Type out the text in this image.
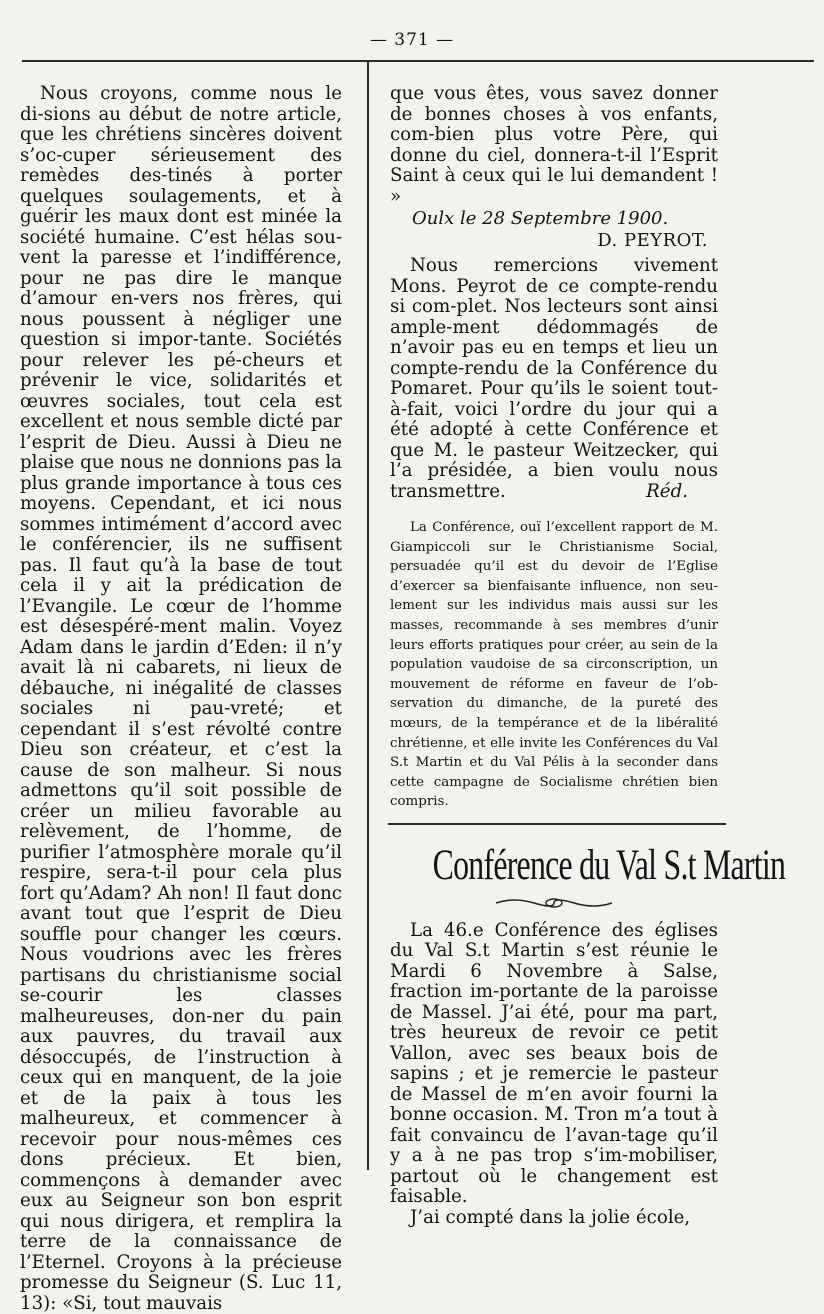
— 371 —

Nous croyons, comme nous le di-sions au début de notre article, que les chrétiens sincères doivent s’oc-cuper sérieusement des remèdes des-tinés à porter quelques soulagements, et à guérir les maux dont est minée la société humaine. C’est hélas sou-vent la paresse et l’indifférence, pour ne pas dire le manque d’amour en-vers nos frères, qui nous poussent à négliger une question si impor-tante. Sociétés pour relever les pé-cheurs et prévenir le vice, solidarités et œuvres sociales, tout cela est excellent et nous semble dicté par l’esprit de Dieu. Aussi à Dieu ne plaise que nous ne donnions pas la plus grande importance à tous ces moyens. Cependant, et ici nous sommes intimément d’accord avec le conférencier, ils ne suffisent pas. Il faut qu’à la base de tout cela il y ait la prédication de l’Evangile. Le cœur de l’homme est désespéré-ment malin. Voyez Adam dans le jardin d’Eden: il n’y avait là ni cabarets, ni lieux de débauche, ni inégalité de classes sociales ni pau-vreté; et cependant il s’est révolté contre Dieu son créateur, et c’est la cause de son malheur. Si nous admettons qu’il soit possible de créer un milieu favorable au relèvement, de l’homme, de purifier l’atmosphère morale qu’il respire, sera-t-il pour cela plus fort qu’Adam? Ah non! Il faut donc avant tout que l’esprit de Dieu souffle pour changer les cœurs. Nous voudrions avec les frères partisans du christianisme social se-courir les classes malheureuses, don-ner du pain aux pauvres, du travail aux désoccupés, de l’instruction à ceux qui en manquent, de la joie et de la paix à tous les malheureux, et commencer à recevoir pour nous-mêmes ces dons précieux. Et bien, commençons à demander avec eux au Seigneur son bon esprit qui nous dirigera, et remplira la terre de la connaissance de l’Eternel. Croyons à la précieuse promesse du Seigneur (S. Luc 11, 13): «Si, tout mauvais

que vous êtes, vous savez donner de bonnes choses à vos enfants, com-bien plus votre Père, qui donne du ciel, donnera-t-il l’Esprit Saint à ceux qui le lui demandent ! »

Oulx le 28 Septembre 1900.

D. PEYROT.

Nous remercions vivement Mons. Peyrot de ce compte-rendu si com-plet. Nos lecteurs sont ainsi ample-ment dédommagés de n’avoir pas eu en temps et lieu un compte-rendu de la Conférence du Pomaret. Pour qu’ils le soient tout-à-fait, voici l’ordre du jour qui a été adopté à cette Conférence et que M. le pasteur Weitzecker, qui l’a présidée, a bien voulu nous transmettre.	Réd.

La Conférence, ouï l’excellent rapport de M. Giampiccoli sur le Christianisme Social, persuadée qu’il est du devoir de l’Eglise d’exercer sa bienfaisante influence, non seu-lement sur les individus mais aussi sur les masses, recommande à ses membres d’unir leurs efforts pratiques pour créer, au sein de la population vaudoise de sa circonscription, un mouvement de réforme en faveur de l’ob-servation du dimanche, de la pureté des mœurs, de la tempérance et de la libéralité chrétienne, et elle invite les Conférences du Val S.t Martin et du Val Pélis à la seconder dans cette campagne de Socialisme chrétien bien compris.

Conférence du Val S.t Martin

La 46.e Conférence des églises du Val S.t Martin s’est réunie le Mardi 6 Novembre à Salse, fraction im-portante de la paroisse de Massel. J’ai été, pour ma part, très heureux de revoir ce petit Vallon, avec ses beaux bois de sapins ; et je remercie le pasteur de Massel de m’en avoir fourni la bonne occasion. M. Tron m’a tout à fait convaincu de l’avan-tage qu’il y a à ne pas trop s’im-mobiliser, partout où le changement est faisable.

J’ai compté dans la jolie école,
